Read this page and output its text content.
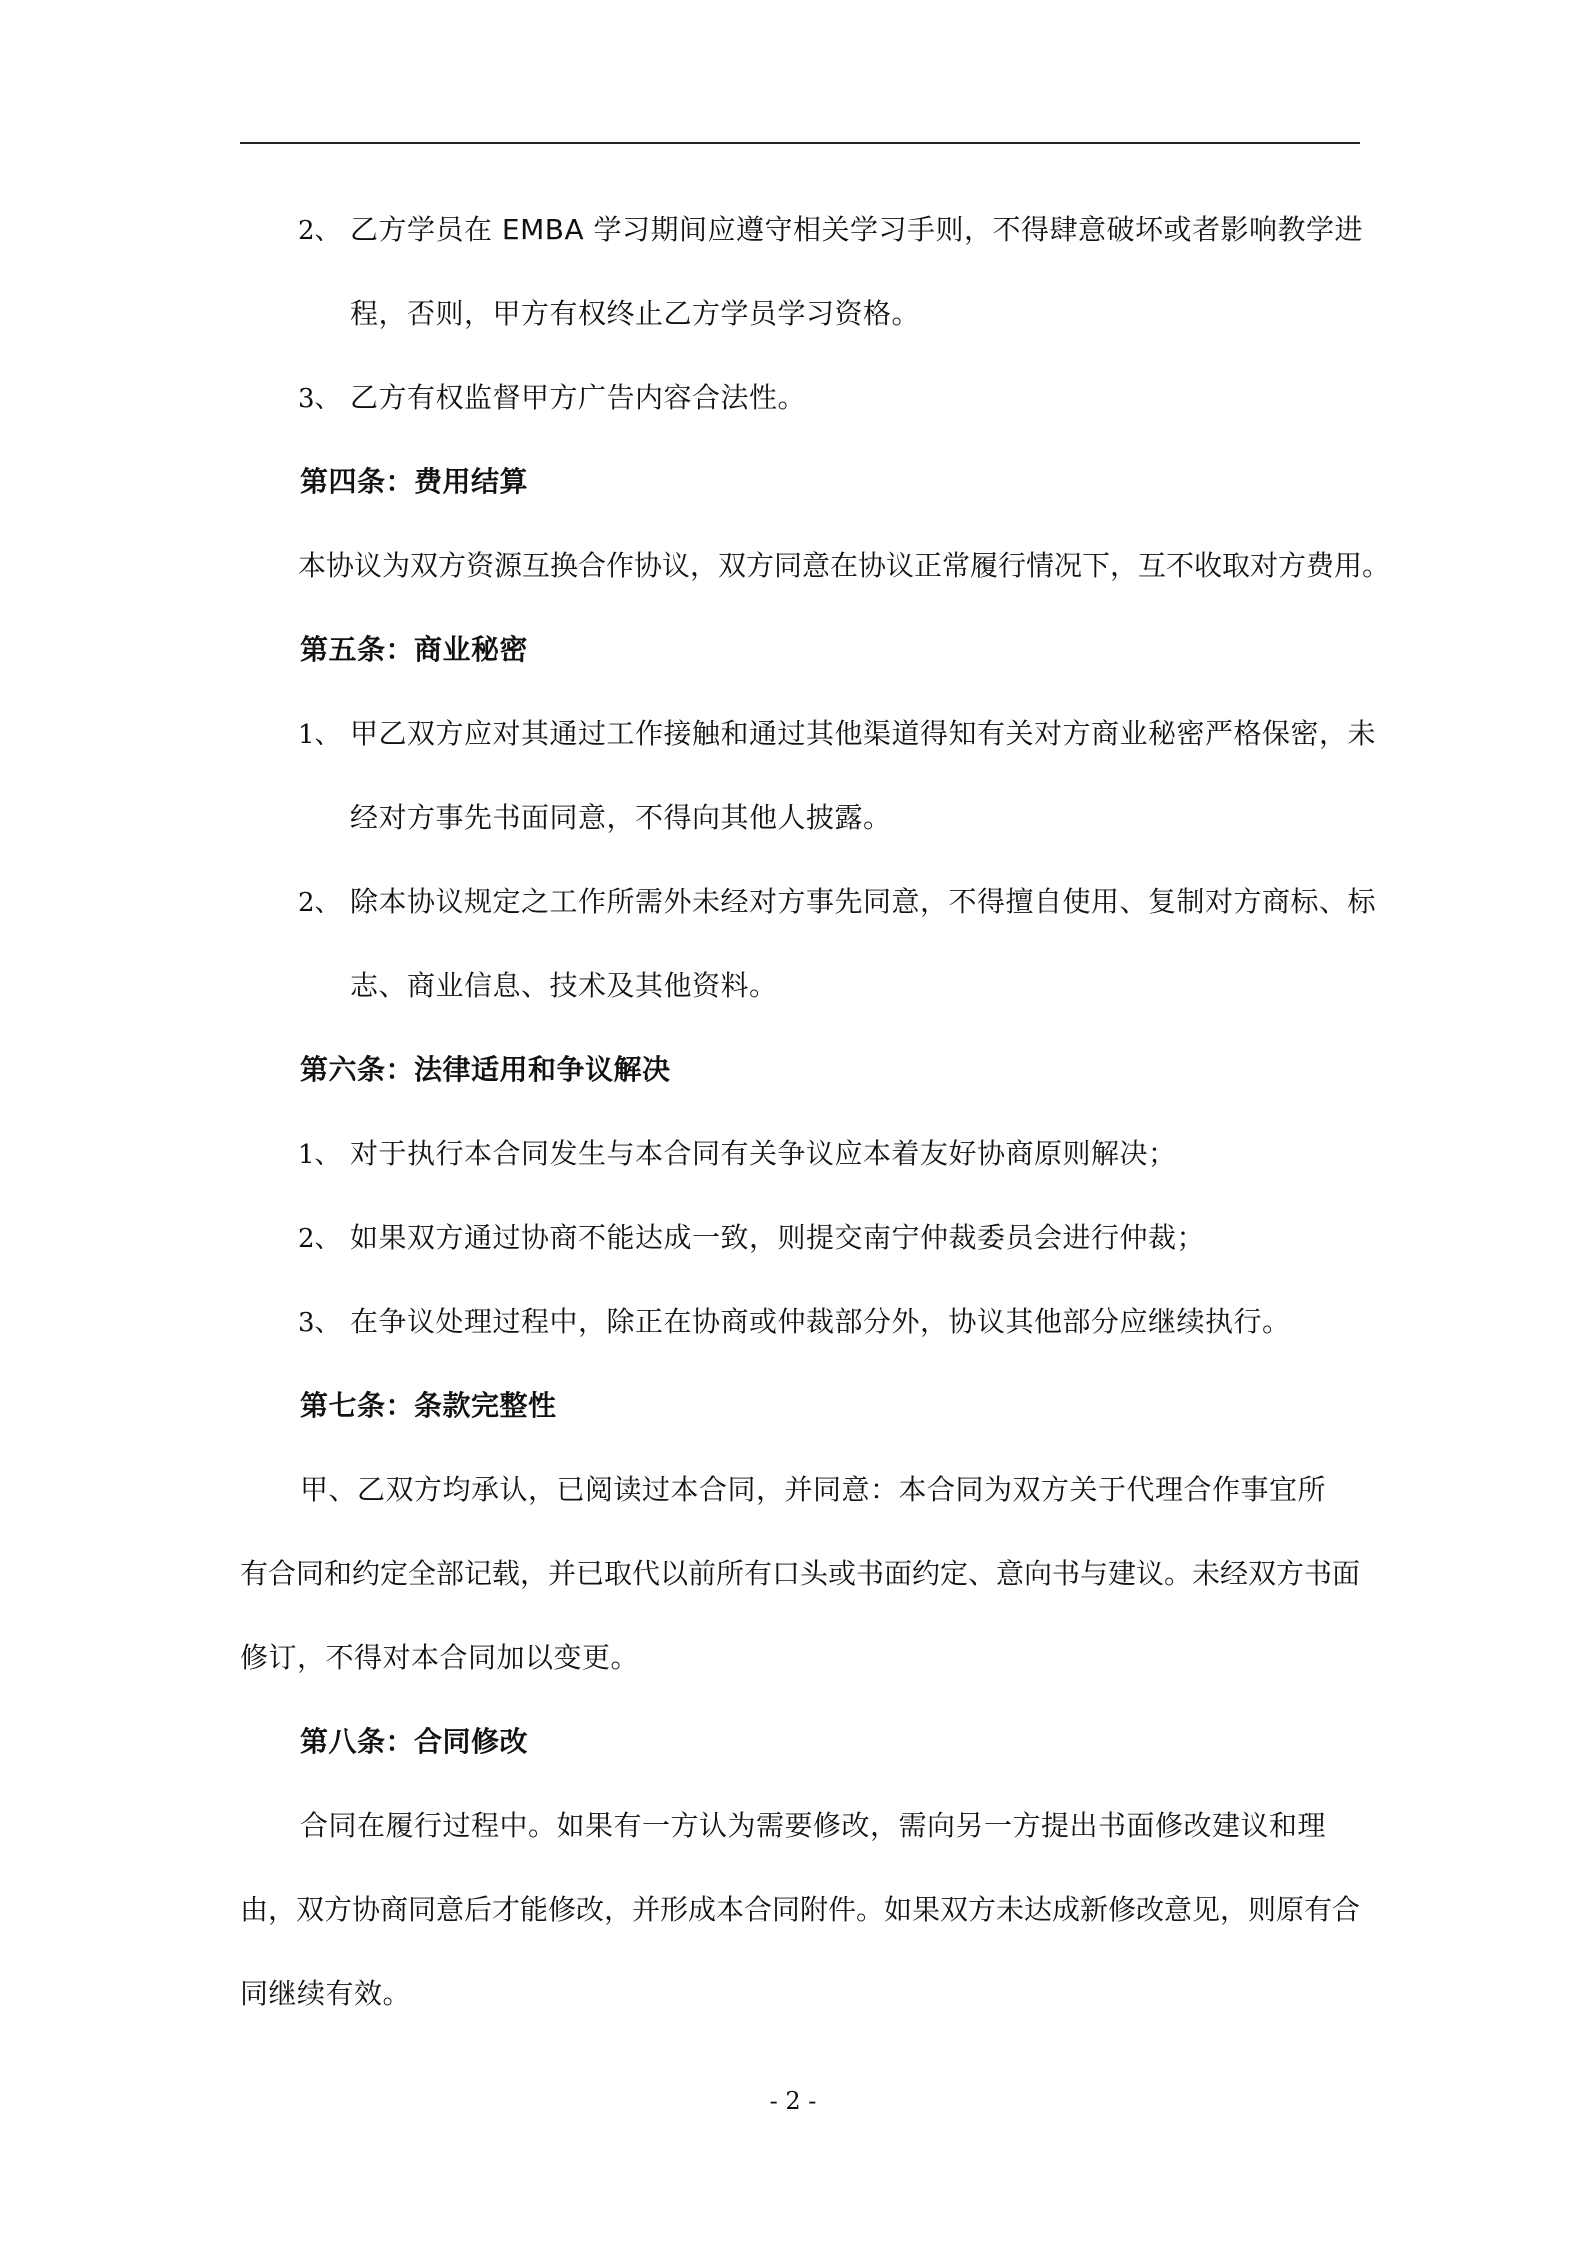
2、 乙方学员在 EMBA 学习期间应遵守相关学习手则，不得肆意破坏或者影响教学进
程，否则，甲方有权终止乙方学员学习资格。
3、 乙方有权监督甲方广告内容合法性。
第四条：费用结算
本协议为双方资源互换合作协议，双方同意在协议正常履行情况下，互不收取对方费用。
第五条：商业秘密
1、 甲乙双方应对其通过工作接触和通过其他渠道得知有关对方商业秘密严格保密，未
经对方事先书面同意，不得向其他人披露。
2、 除本协议规定之工作所需外未经对方事先同意，不得擅自使用、复制对方商标、标
志、商业信息、技术及其他资料。
第六条：法律适用和争议解决
1、 对于执行本合同发生与本合同有关争议应本着友好协商原则解决；
2、 如果双方通过协商不能达成一致，则提交南宁仲裁委员会进行仲裁；
3、 在争议处理过程中，除正在协商或仲裁部分外，协议其他部分应继续执行。
第七条：条款完整性
甲、乙双方均承认，已阅读过本合同，并同意：本合同为双方关于代理合作事宜所
有合同和约定全部记载，并已取代以前所有口头或书面约定、意向书与建议。未经双方书面
修订，不得对本合同加以变更。
第八条：合同修改
合同在履行过程中。如果有一方认为需要修改，需向另一方提出书面修改建议和理
由，双方协商同意后才能修改，并形成本合同附件。如果双方未达成新修改意见，则原有合
同继续有效。
- 2 -
